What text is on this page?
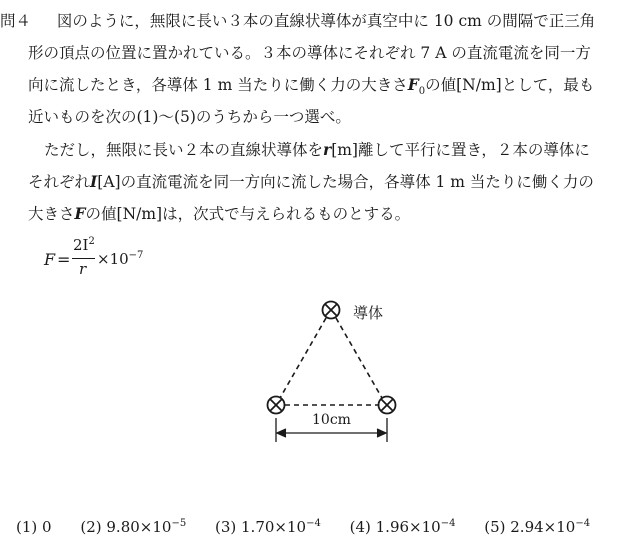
問４ 図のように，無限に長い３本の直線状導体が真空中に 10 cm の間隔で正三角
形の頂点の位置に置かれている。３本の導体にそれぞれ 7 A の直流電流を同一方
向に流したとき，各導体 1 m 当たりに働く力の大きさ$F_0$の値[N/m]として，最も
近いものを次の(1)～(5)のうちから一つ選べ。
ただし，無限に長い２本の直線状導体をr[m]離して平行に置き，２本の導体に
それぞれI[A]の直流電流を同一方向に流した場合，各導体 1 m 当たりに働く力の
大きさFの値[N/m]は，次式で与えられるものとする。
F =
$2I^2$
r
$\times 10^{-7}$
導体
10cm
(1) 0 (2) $9.80\times 10^{-5}$ (3) $1.70\times 10^{-4}$ (4) $1.96\times 10^{-4}$ (5) $2.94\times 10^{-4}$
